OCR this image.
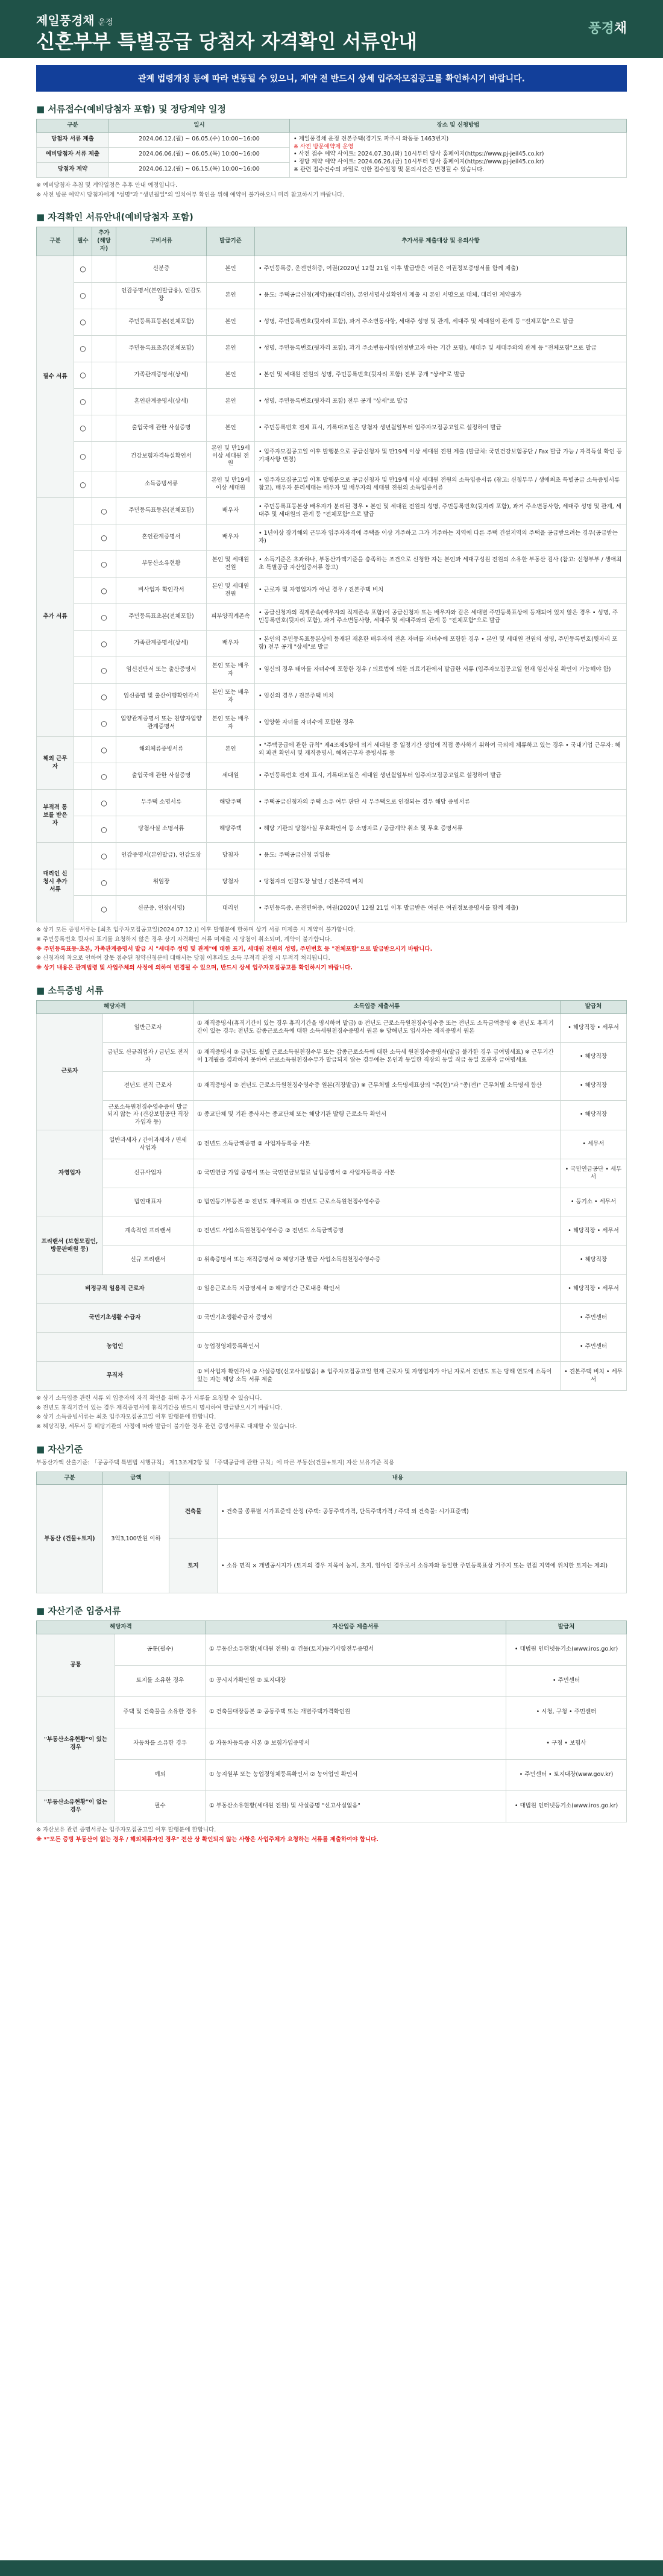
제일풍경채 운정
신혼부부 특별공급 당첨자 자격확인 서류안내
풍경채
관계 법령개정 등에 따라 변동될 수 있으니, 계약 전 반드시 상세 입주자모집공고를 확인하시기 바랍니다.
■ 서류접수(예비당첨자 포함) 및 정당계약 일정
구분	일시	장소 및 신청방법
당첨자 서류 제출	2024.06.12.(월) ~ 06.05.(수) 10:00~16:00	• 제일풍경채 운정 견본주택(경기도 파주시 와동동 1463번지)
※ 사전 방문예약제 운영
• 사전 접수 예약 사이트: 2024.07.30.(화) 10시부터 당사 홈페이지(https://www.pj-jeil45.co.kr)
• 정당 계약 예약 사이트: 2024.06.26.(금) 10시부터 당사 홈페이지(https://www.pj-jeil45.co.kr)
※ 관련 접수건수의 과밀로 인한 접수일정 및 문의시간은 변경될 수 있습니다.

예비당첨자 서류 제출	2024.06.06.(월) ~ 06.05.(목) 10:00~16:00	
당첨자 계약	2024.06.12.(월) ~ 06.15.(목) 10:00~16:00	
※ 예비당첨자 추첨 및 계약일정은 추후 안내 예정입니다.
※ 사전 방문 예약시 당첨자에게 "성명"과 "생년월일"의 일치여부 확인을 위해 예약이 불가하오니 미리 참고하시기 바랍니다.
■ 자격확인 서류안내(예비당첨자 포함)
구분	필수	추가(해당자)	구비서류	발급기준	추가서류 제출대상 및 유의사항
필수 서류	○		신분증	본인	• 주민등록증, 운전면허증, 여권(2020년 12월 21일 이후 발급받은 여권은 여권정보증명서를 함께 제출)
	○		인감증명서(본인발급용), 인감도장	본인	• 용도: 주택공급신청(계약)용(대리인), 본인서명사실확인서 제출 시 본인 서명으로 대체, 대리인 계약불가
	○		주민등록표등본(전체포함)	본인	• 성명, 주민등록번호(뒷자리 포함), 과거 주소변동사항, 세대주 성명 및 관계, 세대주 및 세대원이 관계 등 "전체포함"으로 발급
	○		주민등록표초본(전체포함)	본인	• 성명, 주민등록번호(뒷자리 포함), 과거 주소변동사항(인정받고자 하는 기간 포함), 세대주 및 세대주와의 관계 등 "전체포함"으로 발급
	○		가족관계증명서(상세)	본인	• 본인 및 세대원 전원의 성명, 주민등록번호(뒷자리 포함) 전부 공개 "상세"로 발급
	○		혼인관계증명서(상세)	본인	• 성명, 주민등록번호(뒷자리 포함) 전부 공개 "상세"로 발급
	○		출입국에 관한 사실증명	본인	• 주민등록번호 전체 표시, 기록대조일은 당첨자 생년월일부터 입주자모집공고일로 설정하여 발급
	○		건강보험자격득실확인서	본인 및 만19세 이상 세대원 전원	• 입주자모집공고일 이후 발행분으로 공급신청자 및 만19세 이상 세대원 전원 제출 (발급처: 국민건강보험공단 / Fax 발급 가능 / 자격득실 확인 등 기재사항 변경)
	○		소득증빙서류	본인 및 만19세 이상 세대원	• 입주자모집공고일 이후 발행분으로 공급신청자 및 만19세 이상 세대원 전원의 소득입증서류 (참고: 신청부부 / 생애최초 특별공급 소득증빙서류 참고), 배우자 분리세대는 배우자 및 배우자의 세대원 전원의 소득입증서류
추가 서류		○	주민등록표등본(전체포함)	배우자	• 주민등록표등본상 배우자가 분리된 경우 • 본인 및 세대원 전원의 성명, 주민등록번호(뒷자리 포함), 과거 주소변동사항, 세대주 성명 및 관계, 세대주 및 세대원의 관계 등 "전체포함"으로 발급
		○	혼인관계증명서	배우자	• 1년이상 장기해외 근무자 입주자자격에 주택을 이상 거주하고 그가 거주하는 지역에 다른 주택 건설지역의 주택을 공급받으려는 경우(공급받는 자)
		○	부동산소유현황	본인 및 세대원 전원	• 소득기준은 초과하나, 부동산가액기준을 충족하는 조건으로 신청한 자는 본인과 세대구성원 전원의 소유한 부동산 검사 (참고: 신청부부 / 생애최초 특별공급 자산입증서류 참고)
		○	비사업자 확인각서	본인 및 세대원 전원	• 근로자 및 자영업자가 아닌 경우 / 견본주택 비치
		○	주민등록표초본(전체포함)	피부양직계존속	• 공급신청자의 직계존속(배우자의 직계존속 포함)이 공급신청자 또는 배우자와 같은 세대별 주민등록표상에 등재되어 있지 않은 경우 • 성명, 주민등록번호(뒷자리 포함), 과거 주소변동사항, 세대주 및 세대주와의 관계 등 "전체포함"으로 발급
		○	가족관계증명서(상세)	배우자	• 본인의 주민등록표등본상에 등재된 재혼한 배우자의 전혼 자녀를 자녀수에 포함한 경우 • 본인 및 세대원 전원의 성명, 주민등록번호(뒷자리 포함) 전부 공개 "상세"로 발급
		○	임신진단서 또는 출산증명서	본인 또는 배우자	• 임신의 경우 태아를 자녀수에 포함한 경우 / 의료법에 의한 의료기관에서 발급한 서류 (입주자모집공고일 현재 임신사실 확인이 가능해야 함)
		○	임신증명 및 출산이행확인각서	본인 또는 배우자	• 임신의 경우 / 견본주택 비치
		○	입양관계증명서 또는 친양자입양관계증명서	본인 또는 배우자	• 입양한 자녀를 자녀수에 포함한 경우
해외 근무자		○	해외체류증빙서류	본인	• "주택공급에 관한 규칙" 제4조제5항에 의거 세대원 중 일정기간 생업에 직접 종사하기 위하여 국외에 체류하고 있는 경우 • 국내기업 근무자: 해외 파견 확인서 및 재직증명서, 해외근무자 증빙서류 등
		○	출입국에 관한 사실증명	세대원	• 주민등록번호 전체 표시, 기록대조일은 세대원 생년월일부터 입주자모집공고일로 설정하여 발급
부적격 통보를 받은 자		○	무주택 소명서류	해당주택	• 주택공급신청자의 주택 소유 여부 판단 시 무주택으로 인정되는 경우 해당 증빙서류
		○	당첨사실 소명서류	해당주택	• 해당 기관의 당첨사실 무효확인서 등 소명자료 / 공급계약 취소 및 무효 증명서류
대리인 신청시 추가서류		○	인감증명서(본인발급), 인감도장	당첨자	• 용도: 주택공급신청 위임용
		○	위임장	당첨자	• 당첨자의 인감도장 날인 / 견본주택 비치
		○	신분증, 인장(서명)	대리인	• 주민등록증, 운전면허증, 여권(2020년 12월 21일 이후 발급받은 여권은 여권정보증명서를 함께 제출)
※ 상기 모든 증빙서류는 [최초 입주자모집공고일(2024.07.12.)] 이후 발행분에 한하며 상기 서류 미제출 시 계약이 불가합니다.
※ 주민등록번호 뒷자리 표기를 요청하지 않은 경우 상기 자격확인 서류 미제출 시 당첨이 취소되며, 계약이 불가합니다.
※ 주민등록표등·초본, 가족관계증명서 발급 시 "세대주 성명 및 관계"에 대한 표기, 세대원 전원의 성명, 주민번호 등 "전체포함"으로 발급받으시기 바랍니다.
※ 신청자의 착오로 인하여 잘못 접수된 청약신청분에 대해서는 당첨 이후라도 소득 부적격 판정 시 부적격 처리됩니다.
※ 상기 내용은 관계법령 및 사업주체의 사정에 의하여 변경될 수 있으며, 반드시 상세 입주자모집공고를 확인하시기 바랍니다.
■ 소득증빙 서류
해당자격		소득입증 제출서류	발급처
근로자	일반근로자	① 재직증명서(휴직기간이 있는 경우 휴직기간을 명시하여 발급) ② 전년도 근로소득원천징수영수증 또는 전년도 소득금액증명 ※ 전년도 휴직기간이 있는 경우: 전년도 갑종근로소득에 대한 소득세원천징수증명서 원본 ※ 당해년도 입사자는 재직증명서 원본	• 해당직장 • 세무서
	금년도 신규취업자 / 금년도 전직자	① 재직증명서 ② 금년도 월별 근로소득원천징수부 또는 갑종근로소득에 대한 소득세 원천징수증명서(발급 불가한 경우 급여명세표) ※ 근무기간이 1개월을 경과하지 못하여 근로소득원천징수부가 발급되지 않는 경우에는 본인과 동일한 직장의 동일 직급 동일 호봉자 급여명세표	• 해당직장
	전년도 전직 근로자	① 재직증명서 ② 전년도 근로소득원천징수영수증 원본(직장발급) ※ 근무처별 소득명세표상의 "주(현)"과 "종(전)" 근무처별 소득명세 합산	• 해당직장
	근로소득원천징수영수증이 발급되지 않는 자 (건강보험공단 직장가입자 등)	① 종교단체 및 기관 종사자는 종교단체 또는 해당기관 발행 근로소득 확인서	• 해당직장
자영업자	일반과세자 / 간이과세자 / 면세사업자	① 전년도 소득금액증명 ② 사업자등록증 사본	• 세무서
	신규사업자	① 국민연금 가입 증명서 또는 국민연금보험료 납입증명서 ② 사업자등록증 사본	• 국민연금공단 • 세무서
	법인대표자	① 법인등기부등본 ② 전년도 재무제표 ③ 전년도 근로소득원천징수영수증	• 등기소 • 세무서
프리랜서 (보험모집인, 방문판매원 등)	계속적인 프리랜서	① 전년도 사업소득원천징수영수증 ② 전년도 소득금액증명	• 해당직장 • 세무서
	신규 프리랜서	① 위촉증명서 또는 재직증명서 ② 해당기관 발급 사업소득원천징수영수증	• 해당직장
비정규직 일용직 근로자		① 일용근로소득 지급명세서 ② 해당기간 근로내용 확인서	• 해당직장 • 세무서
국민기초생활 수급자		① 국민기초생활수급자 증명서	• 주민센터
농업인		① 농업경영체등록확인서	• 주민센터
무직자		① 비사업자 확인각서 ② 사실증명(신고사실없음) ※ 입주자모집공고일 현재 근로자 및 자영업자가 아닌 자로서 전년도 또는 당해 연도에 소득이 있는 자는 해당 소득 서류 제출	• 견본주택 비치 • 세무서
※ 상기 소득입증 관련 서류 외 입증자의 자격 확인을 위해 추가 서류를 요청할 수 있습니다.
※ 전년도 휴직기간이 있는 경우 재직증명서에 휴직기간을 반드시 명시하여 발급받으시기 바랍니다.
※ 상기 소득증빙서류는 최초 입주자모집공고일 이후 발행분에 한합니다.
※ 해당직장, 세무서 등 해당기관의 사정에 따라 발급이 불가한 경우 관련 증빙서류로 대체할 수 있습니다.
■ 자산기준
부동산가액 산출기준: 「공공주택 특별법 시행규칙」 제13조제2항 및 「주택공급에 관한 규칙」에 따른 부동산(건물+토지) 자산 보유기준 적용
구분	금액	내용	
부동산 (건물+토지)	3억3,100만원 이하	건축물	• 건축물 종류별 시가표준액 산정 (주택: 공동주택가격, 단독주택가격 / 주택 외 건축물: 시가표준액)
		토지	• 소유 면적 × 개별공시지가 (토지의 경우 지목이 농지, 초지, 임야인 경우로서 소유자와 동일한 주민등록표상 거주지 또는 연접 지역에 위치한 토지는 제외)
■ 자산기준 입증서류
해당자격		자산입증 제출서류	발급처
공통	공통(필수)	① 부동산소유현황(세대원 전원) ② 건물(토지)등기사항전부증명서	• 대법원 인터넷등기소(www.iros.go.kr)
	토지를 소유한 경우	① 공시지가확인원 ② 토지대장	• 주민센터
"부동산소유현황"이 있는 경우	주택 및 건축물을 소유한 경우	① 건축물대장등본 ② 공동주택 또는 개별주택가격확인원	• 시청, 구청 • 주민센터
	자동차를 소유한 경우	① 자동차등록증 사본 ② 보험가입증명서	• 구청 • 보험사
	예외	① 농지원부 또는 농업경영체등록확인서 ② 농어업인 확인서	• 주민센터 • 토지대장(www.gov.kr)
"부동산소유현황"이 없는 경우	필수	① 부동산소유현황(세대원 전원) 및 사실증명 "신고사실없음"	• 대법원 인터넷등기소(www.iros.go.kr)
※ 자산보유 관련 증명서류는 입주자모집공고일 이후 발행분에 한합니다.
※ *"모든 증빙 부동산이 없는 경우 / 해외체류자인 경우" 전산 상 확인되지 않는 사항은 사업주체가 요청하는 서류를 제출하여야 합니다.
